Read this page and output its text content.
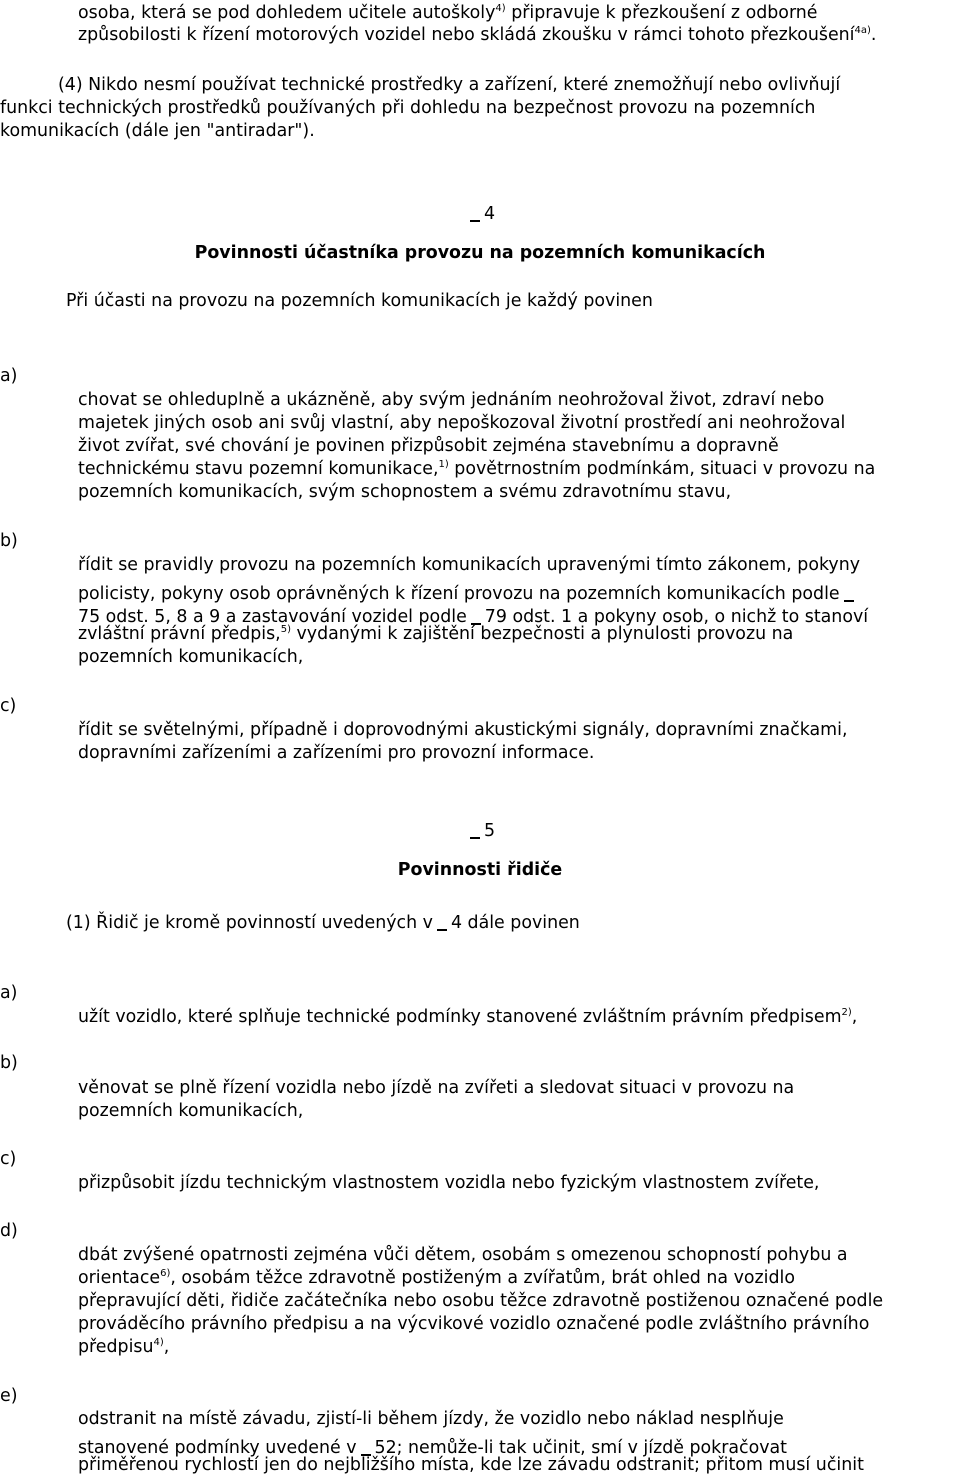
osoba, která se pod dohledem učitele autoškoly$^{4)}$ připravuje k přezkoušení z odborné
způsobilosti k řízení motorových vozidel nebo skládá zkoušku v rámci tohoto přezkoušení$^{4a)}$.
(4) Nikdo nesmí používat technické prostředky a zařízení, které znemožňují nebo ovlivňují
funkci technických prostředků používaných při dohledu na bezpečnost provozu na pozemních
komunikacích (dále jen "antiradar").
4
Povinnosti účastníka provozu na pozemních komunikacích
Při účasti na provozu na pozemních komunikacích je každý povinen
a)
chovat se ohleduplně a ukázněně, aby svým jednáním neohrožoval život, zdraví nebo
majetek jiných osob ani svůj vlastní, aby nepoškozoval životní prostředí ani neohrožoval
život zvířat, své chování je povinen přizpůsobit zejména stavebnímu a dopravně
technickému stavu pozemní komunikace,$^{1)}$ povětrnostním podmínkám, situaci v provozu na
pozemních komunikacích, svým schopnostem a svému zdravotnímu stavu,
b)
řídit se pravidly provozu na pozemních komunikacích upravenými tímto zákonem, pokyny
policisty, pokyny osob oprávněných k řízení provozu na pozemních komunikacích podle
75 odst. 5, 8 a 9 a zastavování vozidel podle 79 odst. 1 a pokyny osob, o nichž to stanoví
zvláštní právní předpis,$^{5)}$ vydanými k zajištění bezpečnosti a plynulosti provozu na
pozemních komunikacích,
c)
řídit se světelnými, případně i doprovodnými akustickými signály, dopravními značkami,
dopravními zařízeními a zařízeními pro provozní informace.
5
Povinnosti řidiče
(1) Řidič je kromě povinností uvedených v 4 dále povinen
a)
užít vozidlo, které splňuje technické podmínky stanovené zvláštním právním předpisem$^{2)}$,
b)
věnovat se plně řízení vozidla nebo jízdě na zvířeti a sledovat situaci v provozu na
pozemních komunikacích,
c)
přizpůsobit jízdu technickým vlastnostem vozidla nebo fyzickým vlastnostem zvířete,
d)
dbát zvýšené opatrnosti zejména vůči dětem, osobám s omezenou schopností pohybu a
orientace$^{6)}$, osobám těžce zdravotně postiženým a zvířatům, brát ohled na vozidlo
přepravující děti, řidiče začátečníka nebo osobu těžce zdravotně postiženou označené podle
prováděcího právního předpisu a na výcvikové vozidlo označené podle zvláštního právního
předpisu$^{4)}$,
e)
odstranit na místě závadu, zjistí-li během jízdy, že vozidlo nebo náklad nesplňuje
stanovené podmínky uvedené v 52; nemůže-li tak učinit, smí v jízdě pokračovat
přiměřenou rychlostí jen do nejbližšího místa, kde lze závadu odstranit; přitom musí učinit
